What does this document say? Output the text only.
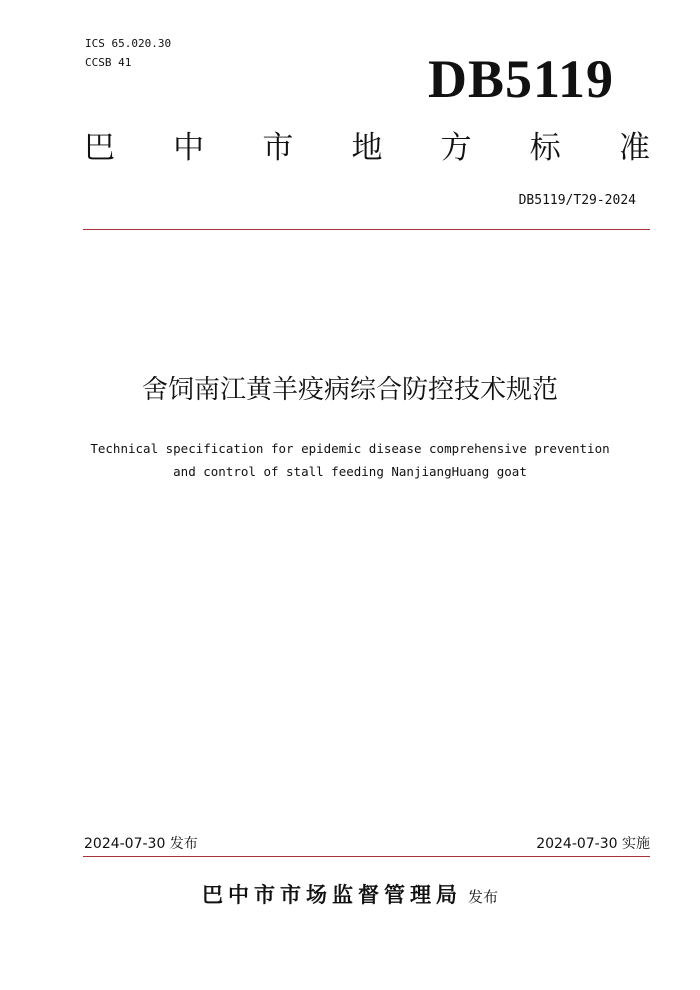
ICS 65.020.30
CCSB 41	DB5119
巴 中 市 地 方 标 准
DB5119/T29-2024
舍饲南江黄羊疫病综合防控技术规范
Technical specification for epidemic disease comprehensive prevention
and control of stall feeding NanjiangHuang goat
2024-07-30 发布	2024-07-30 实施
巴中市市场监督管理局 发布
